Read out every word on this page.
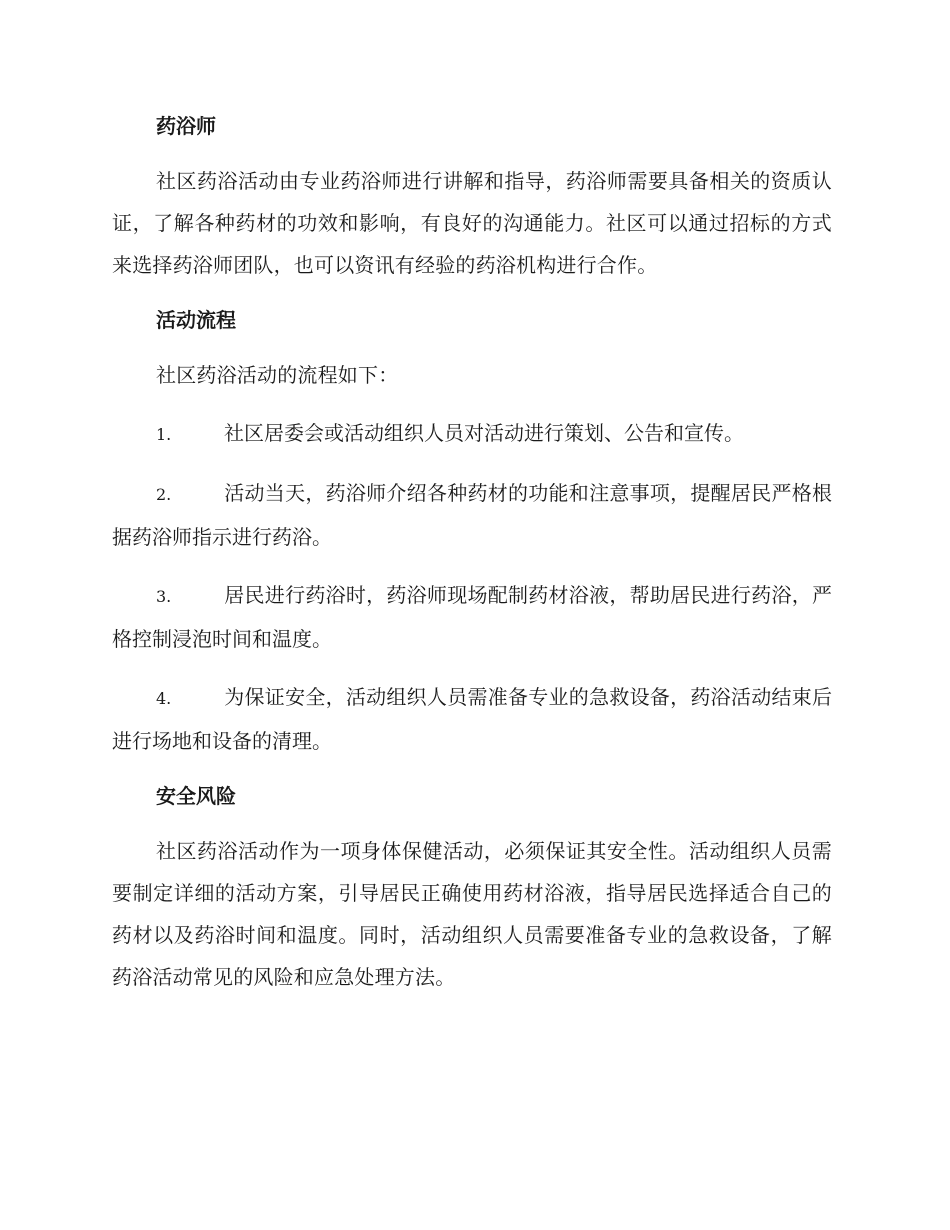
药浴师

社区药浴活动由专业药浴师进行讲解和指导，药浴师需要具备相关的资质认证，了解各种药材的功效和影响，有良好的沟通能力。社区可以通过招标的方式来选择药浴师团队，也可以资讯有经验的药浴机构进行合作。

活动流程

社区药浴活动的流程如下：

1.	社区居委会或活动组织人员对活动进行策划、公告和宣传。

2.	活动当天，药浴师介绍各种药材的功能和注意事项，提醒居民严格根据药浴师指示进行药浴。

3.	居民进行药浴时，药浴师现场配制药材浴液，帮助居民进行药浴，严格控制浸泡时间和温度。

4.	为保证安全，活动组织人员需准备专业的急救设备，药浴活动结束后进行场地和设备的清理。

安全风险

社区药浴活动作为一项身体保健活动，必须保证其安全性。活动组织人员需要制定详细的活动方案，引导居民正确使用药材浴液，指导居民选择适合自己的药材以及药浴时间和温度。同时，活动组织人员需要准备专业的急救设备，了解药浴活动常见的风险和应急处理方法。
